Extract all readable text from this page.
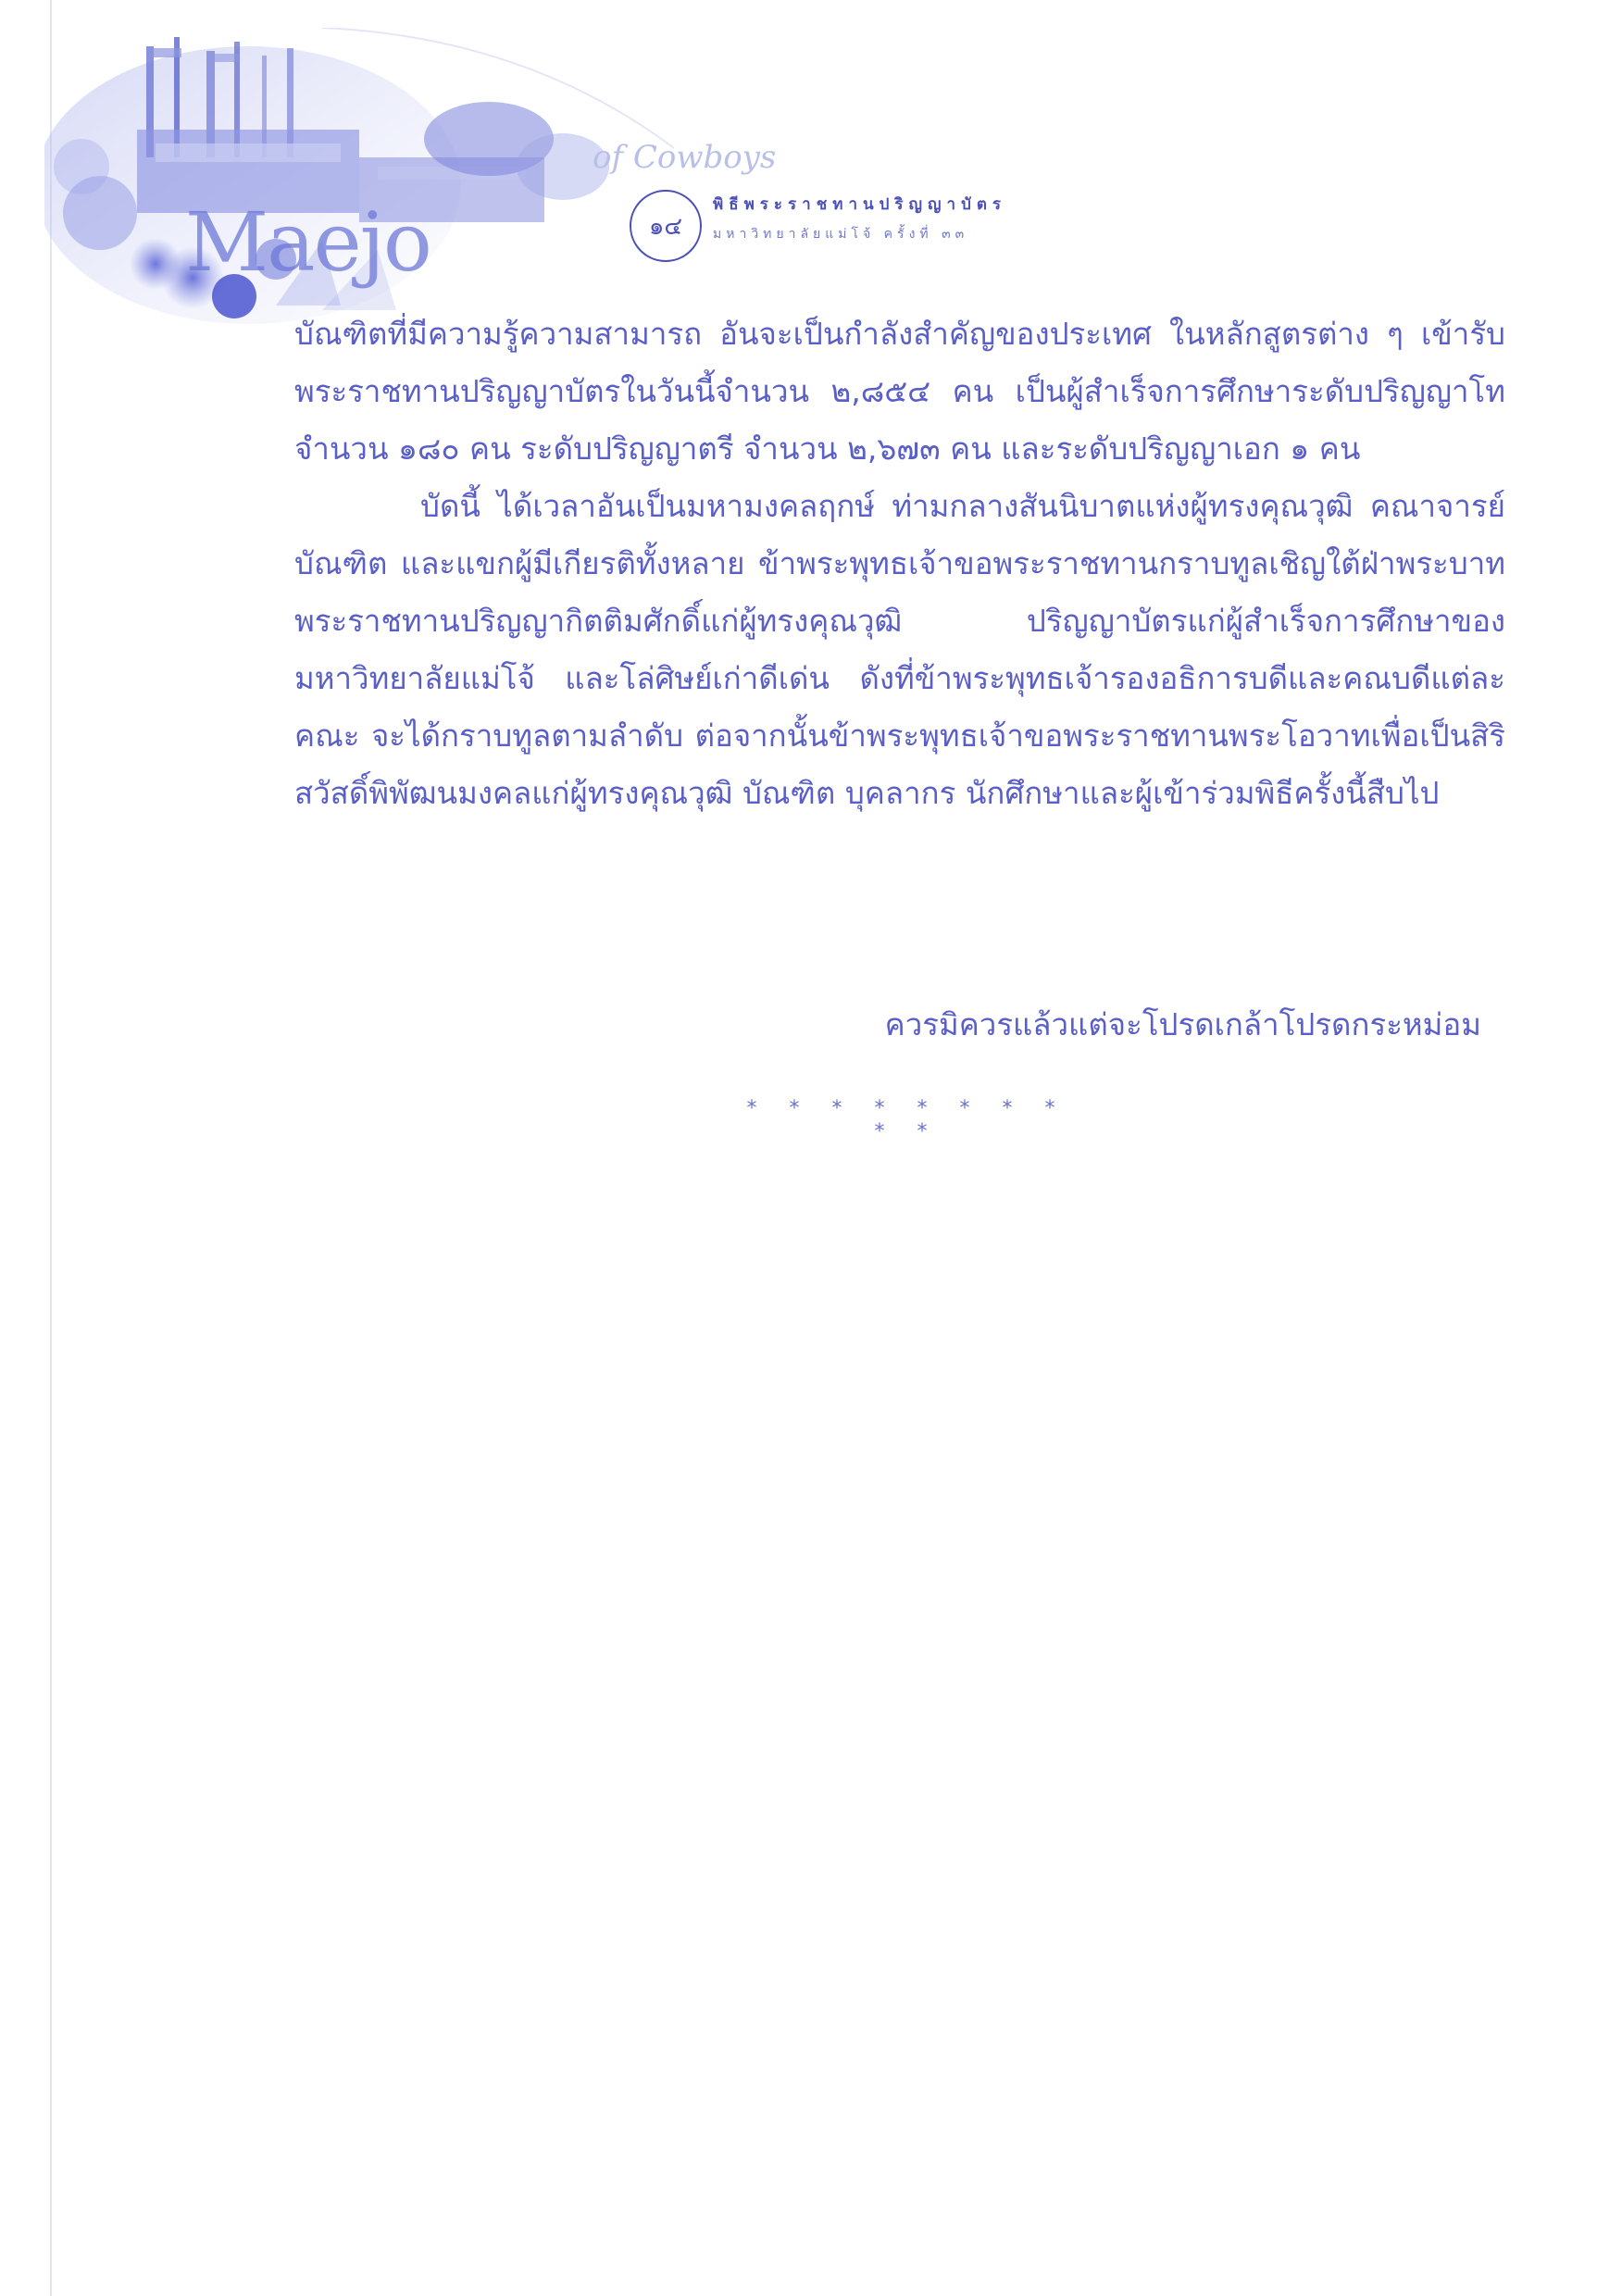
Maejo
of Cowboys
๑๔
พิธีพระราชทานปริญญาบัตร
มหาวิทยาลัยแม่โจ้ ครั้งที่ ๓๓

บัณฑิตที่มีความรู้ความสามารถ อันจะเป็นกำลังสำคัญของประเทศ ในหลักสูตรต่าง ๆ เข้ารับพระราชทานปริญญาบัตรในวันนี้จำนวน ๒,๘๕๔ คน เป็นผู้สำเร็จการศึกษาระดับปริญญาโท จำนวน ๑๘๐ คน ระดับปริญญาตรี จำนวน ๒,๖๗๓ คน และระดับปริญญาเอก ๑ คน

บัดนี้ ได้เวลาอันเป็นมหามงคลฤกษ์ ท่ามกลางสันนิบาตแห่งผู้ทรงคุณวุฒิ คณาจารย์ บัณฑิต และแขกผู้มีเกียรติทั้งหลาย ข้าพระพุทธเจ้าขอพระราชทานกราบทูลเชิญใต้ฝ่าพระบาทพระราชทานปริญญากิตติมศักดิ์แก่ผู้ทรงคุณวุฒิ ปริญญาบัตรแก่ผู้สำเร็จการศึกษาของมหาวิทยาลัยแม่โจ้ และโล่ศิษย์เก่าดีเด่น ดังที่ข้าพระพุทธเจ้ารองอธิการบดีและคณบดีแต่ละคณะ จะได้กราบทูลตามลำดับ ต่อจากนั้นข้าพระพุทธเจ้าขอพระราชทานพระโอวาทเพื่อเป็นสิริสวัสดิ์พิพัฒนมงคลแก่ผู้ทรงคุณวุฒิ บัณฑิต บุคลากร นักศึกษาและผู้เข้าร่วมพิธีครั้งนี้สืบไป

ควรมิควรแล้วแต่จะโปรดเกล้าโปรดกระหม่อม
* * * * * * * * * *
